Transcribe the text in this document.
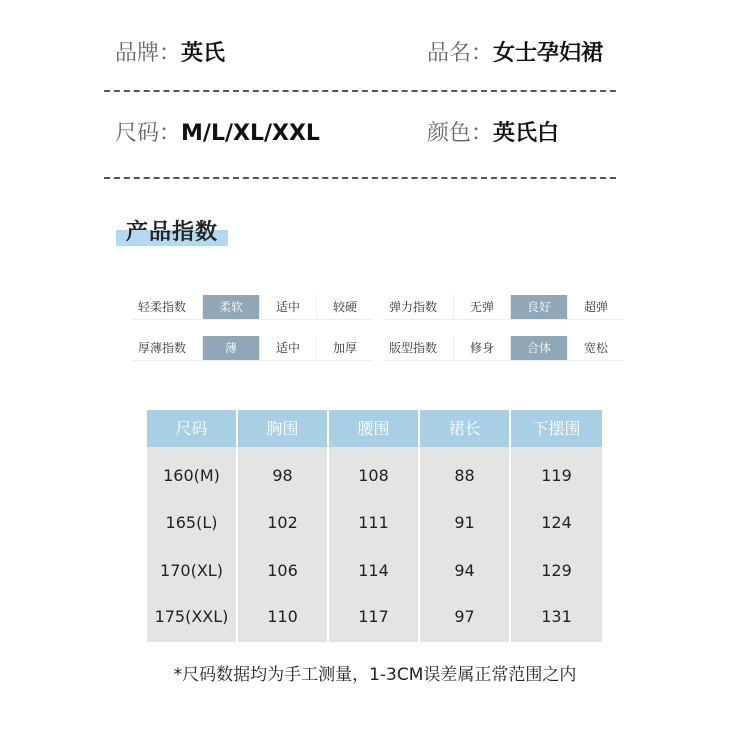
品牌：英氏	品名：女士孕妇裙
尺码：M/L/XL/XXL	颜色：英氏白
产品指数
轻柔指数	柔软	适中	较硬	弹力指数	无弹	良好	超弹
厚薄指数	薄	适中	加厚	版型指数	修身	合体	宽松
尺码	胸围	腰围	裙长	下摆围
160(M)	98	108	88	119
165(L)	102	111	91	124
170(XL)	106	114	94	129
175(XXL)	110	117	97	131
*尺码数据均为手工测量，1-3CM误差属正常范围之内
